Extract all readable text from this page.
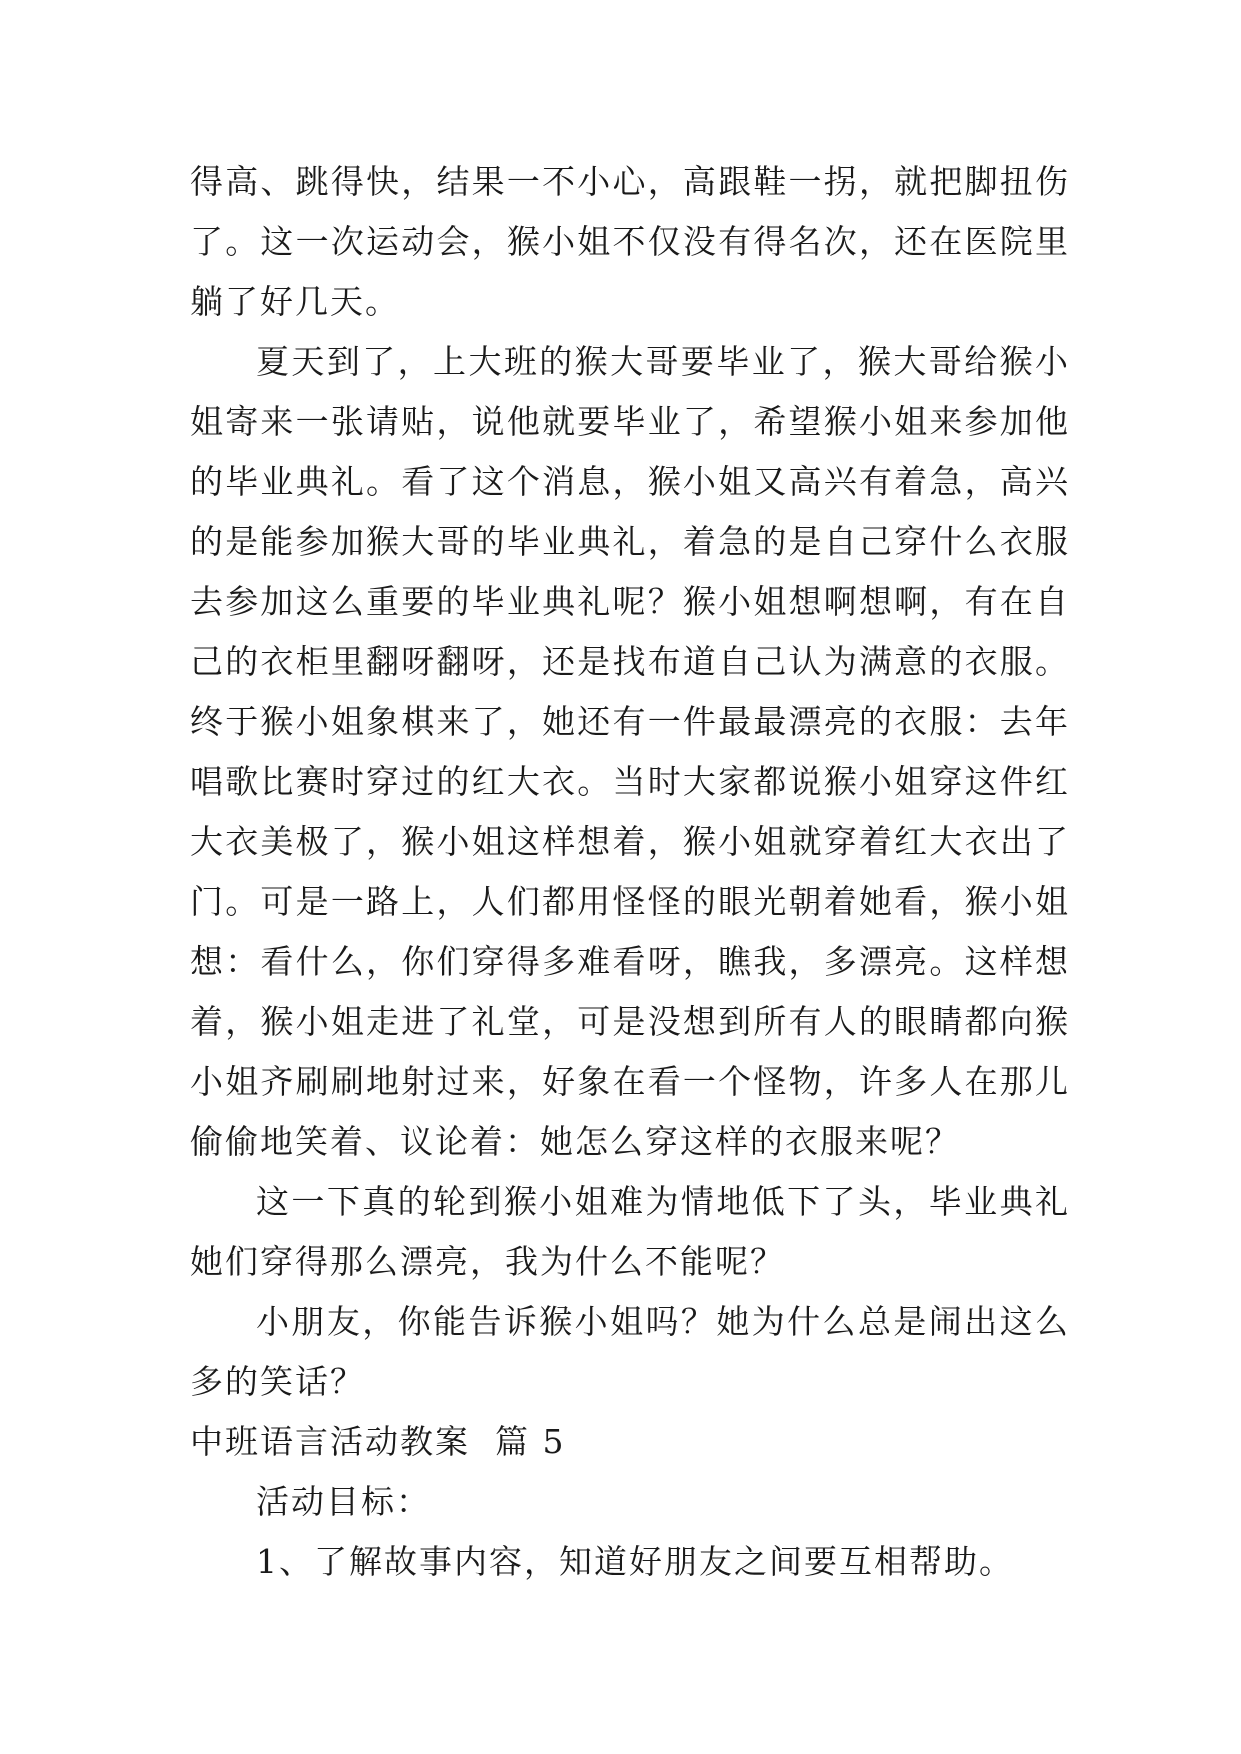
得高、跳得快，结果一不小心，高跟鞋一拐，就把脚扭伤了。这一次运动会，猴小姐不仅没有得名次，还在医院里躺了好几天。

夏天到了，上大班的猴大哥要毕业了，猴大哥给猴小姐寄来一张请贴，说他就要毕业了，希望猴小姐来参加他的毕业典礼。看了这个消息，猴小姐又高兴有着急，高兴的是能参加猴大哥的毕业典礼，着急的是自己穿什么衣服去参加这么重要的毕业典礼呢？猴小姐想啊想啊，有在自己的衣柜里翻呀翻呀，还是找布道自己认为满意的衣服。终于猴小姐象棋来了，她还有一件最最漂亮的衣服：去年唱歌比赛时穿过的红大衣。当时大家都说猴小姐穿这件红大衣美极了，猴小姐这样想着，猴小姐就穿着红大衣出了门。可是一路上，人们都用怪怪的眼光朝着她看，猴小姐想：看什么，你们穿得多难看呀，瞧我，多漂亮。这样想着，猴小姐走进了礼堂，可是没想到所有人的眼睛都向猴小姐齐刷刷地射过来，好象在看一个怪物，许多人在那儿偷偷地笑着、议论着：她怎么穿这样的衣服来呢？

这一下真的轮到猴小姐难为情地低下了头，毕业典礼她们穿得那么漂亮，我为什么不能呢？

小朋友，你能告诉猴小姐吗？她为什么总是闹出这么多的笑话？

中班语言活动教案  篇 5

活动目标：

1、了解故事内容，知道好朋友之间要互相帮助。
